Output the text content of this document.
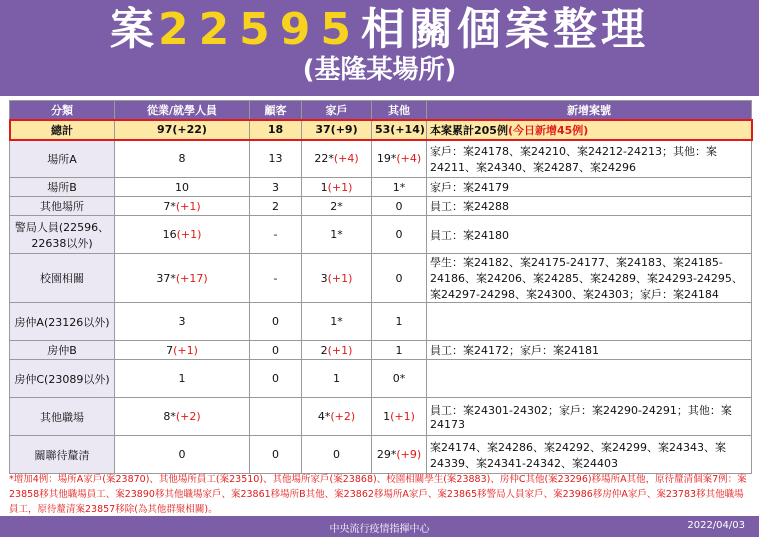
案22595相關個案整理
(基隆某場所)
分類	從業/就學人員	顧客	家戶	其他	新增案號
總計	97(+22)	18	37(+9)	53(+14)	本案累計205例(今日新增45例)
場所A	8	13	22*(+4)	19*(+4)	家戶：案24178、案24210、案24212-24213；其他：案24211、案24340、案24287、案24296
場所B	10	3	1(+1)	1*	家戶：案24179
其他場所	7*(+1)	2	2*	0	員工：案24288
警局人員(22596、22638以外)	16(+1)	-	1*	0	員工：案24180
校園相關	37*(+17)	-	3(+1)	0	學生：案24182、案24175-24177、案24183、案24185-24186、案24206、案24285、案24289、案24293-24295、案24297-24298、案24300、案24303；家戶：案24184
房仲A(23126以外)	3	0	1*	1	
房仲B	7(+1)	0	2(+1)	1	員工：案24172；家戶：案24181
房仲C(23089以外)	1	0	1	0*	
其他職場	8*(+2)		4*(+2)	1(+1)	員工：案24301-24302；家戶：案24290-24291；其他：案24173
關聯待釐清	0	0	0	29*(+9)	案24174、案24286、案24292、案24299、案24343、案24339、案24341-24342、案24403
*增加4例：場所A家戶(案23870)、其他場所員工(案23510)、其他場所家戶(案23868)、校園相關學生(案23883)、房仲C其他(案23296)移場所A其他，原待釐清個案7例：案23858移其他職場員工、案23890移其他職場家戶、案23861移場所B其他、案23862移場所A家戶、案23865移警局人員家戶、案23986移房仲A家戶、案23783移其他職場員工，原待釐清案23857移除(為其他群聚相關)。
中央流行疫情指揮中心	2022/04/03
